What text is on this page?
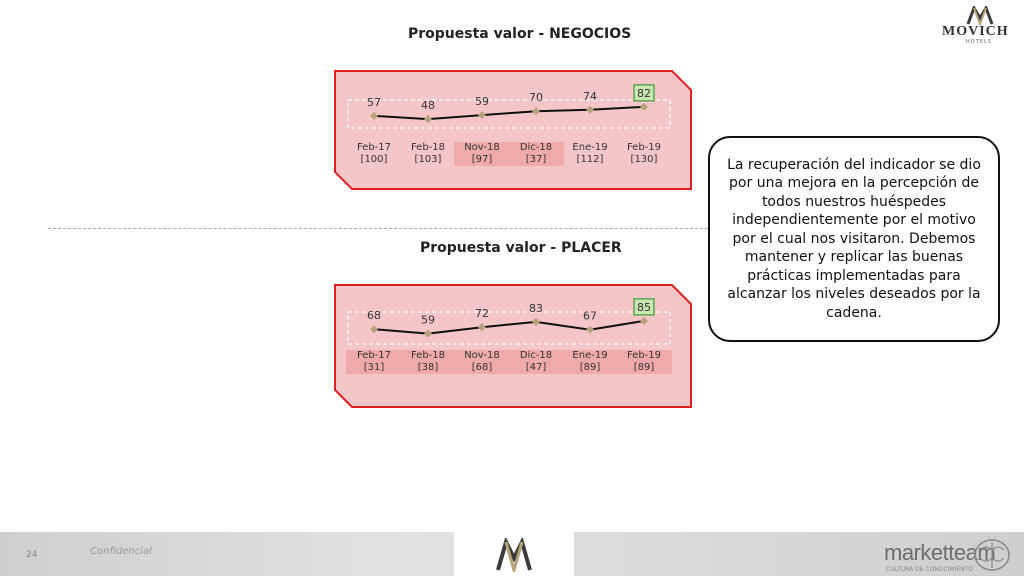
MOVICH
HOTELS
Propuesta valor - NEGOCIOS
Propuesta valor - PLACER
57	48	59	70	74	82
Feb-17
[100]
Feb-18
[103]
Nov-18
[97]
Dic-18
[37]
Ene-19
[112]
Feb-19
[130]
68	59	72	83
67
85
Feb-17
[31]
Feb-18
[38]
Nov-18
[68]
Dic-18
[47]
Ene-19
[89]
Feb-19
[89]
La recuperación del indicador se dio por una mejora en la percepción de todos nuestros huéspedes independientemente por el motivo por el cual nos visitaron. Debemos mantener y replicar las buenas prácticas implementadas para alcanzar los niveles deseados por la cadena.
24	Confidencial	marketteam
CULTURA DE CONOCIMIENTO
